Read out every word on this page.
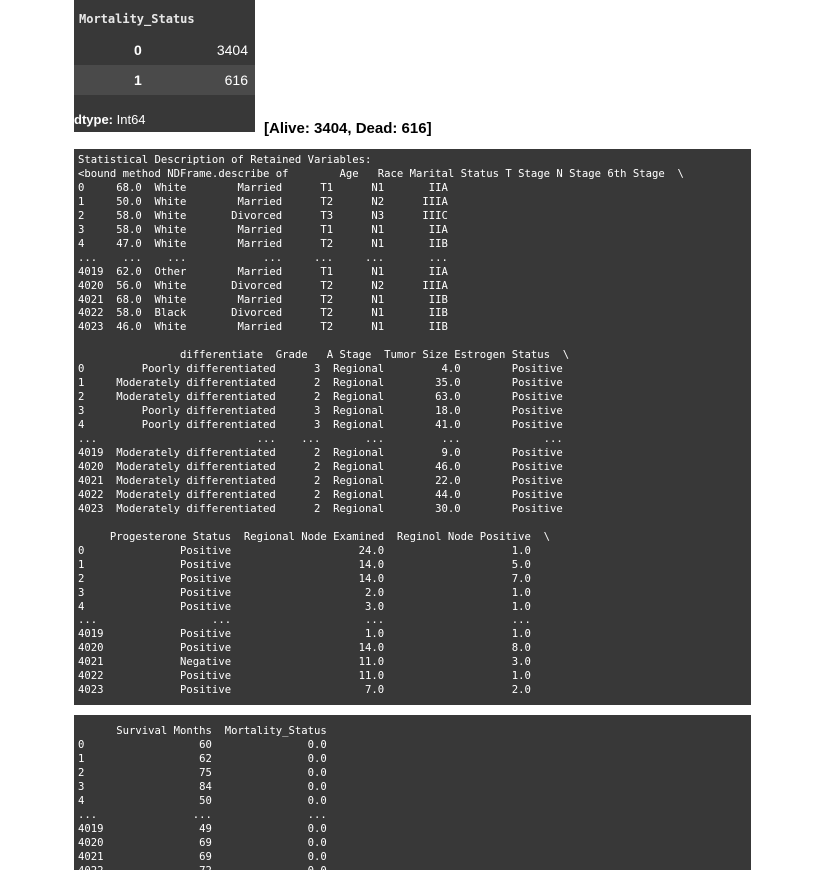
Mortality_Status
0	3404
1	616
dtype: Int64
[Alive: 3404, Dead: 616]
Statistical Description of Retained Variables:
<bound method NDFrame.describe of        Age   Race Marital Status T Stage N Stage 6th Stage  \
0     68.0  White        Married      T1      N1       IIA
1     50.0  White        Married      T2      N2      IIIA
2     58.0  White       Divorced      T3      N3      IIIC
3     58.0  White        Married      T1      N1       IIA
4     47.0  White        Married      T2      N1       IIB
...    ...    ...            ...     ...     ...       ...
4019  62.0  Other        Married      T1      N1       IIA
4020  56.0  White       Divorced      T2      N2      IIIA
4021  68.0  White        Married      T2      N1       IIB
4022  58.0  Black       Divorced      T2      N1       IIB
4023  46.0  White        Married      T2      N1       IIB

differentiate  Grade   A Stage  Tumor Size Estrogen Status  \
0         Poorly differentiated      3  Regional         4.0        Positive
1     Moderately differentiated      2  Regional        35.0        Positive
2     Moderately differentiated      2  Regional        63.0        Positive
3         Poorly differentiated      3  Regional        18.0        Positive
4         Poorly differentiated      3  Regional        41.0        Positive
...                         ...    ...       ...         ...             ...
4019  Moderately differentiated      2  Regional         9.0        Positive
4020  Moderately differentiated      2  Regional        46.0        Positive
4021  Moderately differentiated      2  Regional        22.0        Positive
4022  Moderately differentiated      2  Regional        44.0        Positive
4023  Moderately differentiated      2  Regional        30.0        Positive

Progesterone Status  Regional Node Examined  Reginol Node Positive  \
0               Positive                    24.0                    1.0
1               Positive                    14.0                    5.0
2               Positive                    14.0                    7.0
3               Positive                     2.0                    1.0
4               Positive                     3.0                    1.0
...                  ...                     ...                    ...
4019            Positive                     1.0                    1.0
4020            Positive                    14.0                    8.0
4021            Negative                    11.0                    3.0
4022            Positive                    11.0                    1.0
4023            Positive                     7.0                    2.0
Survival Months  Mortality_Status
0                  60               0.0
1                  62               0.0
2                  75               0.0
3                  84               0.0
4                  50               0.0
...               ...               ...
4019               49               0.0
4020               69               0.0
4021               69               0.0
4022               72               0.0
4023              100               0.0
